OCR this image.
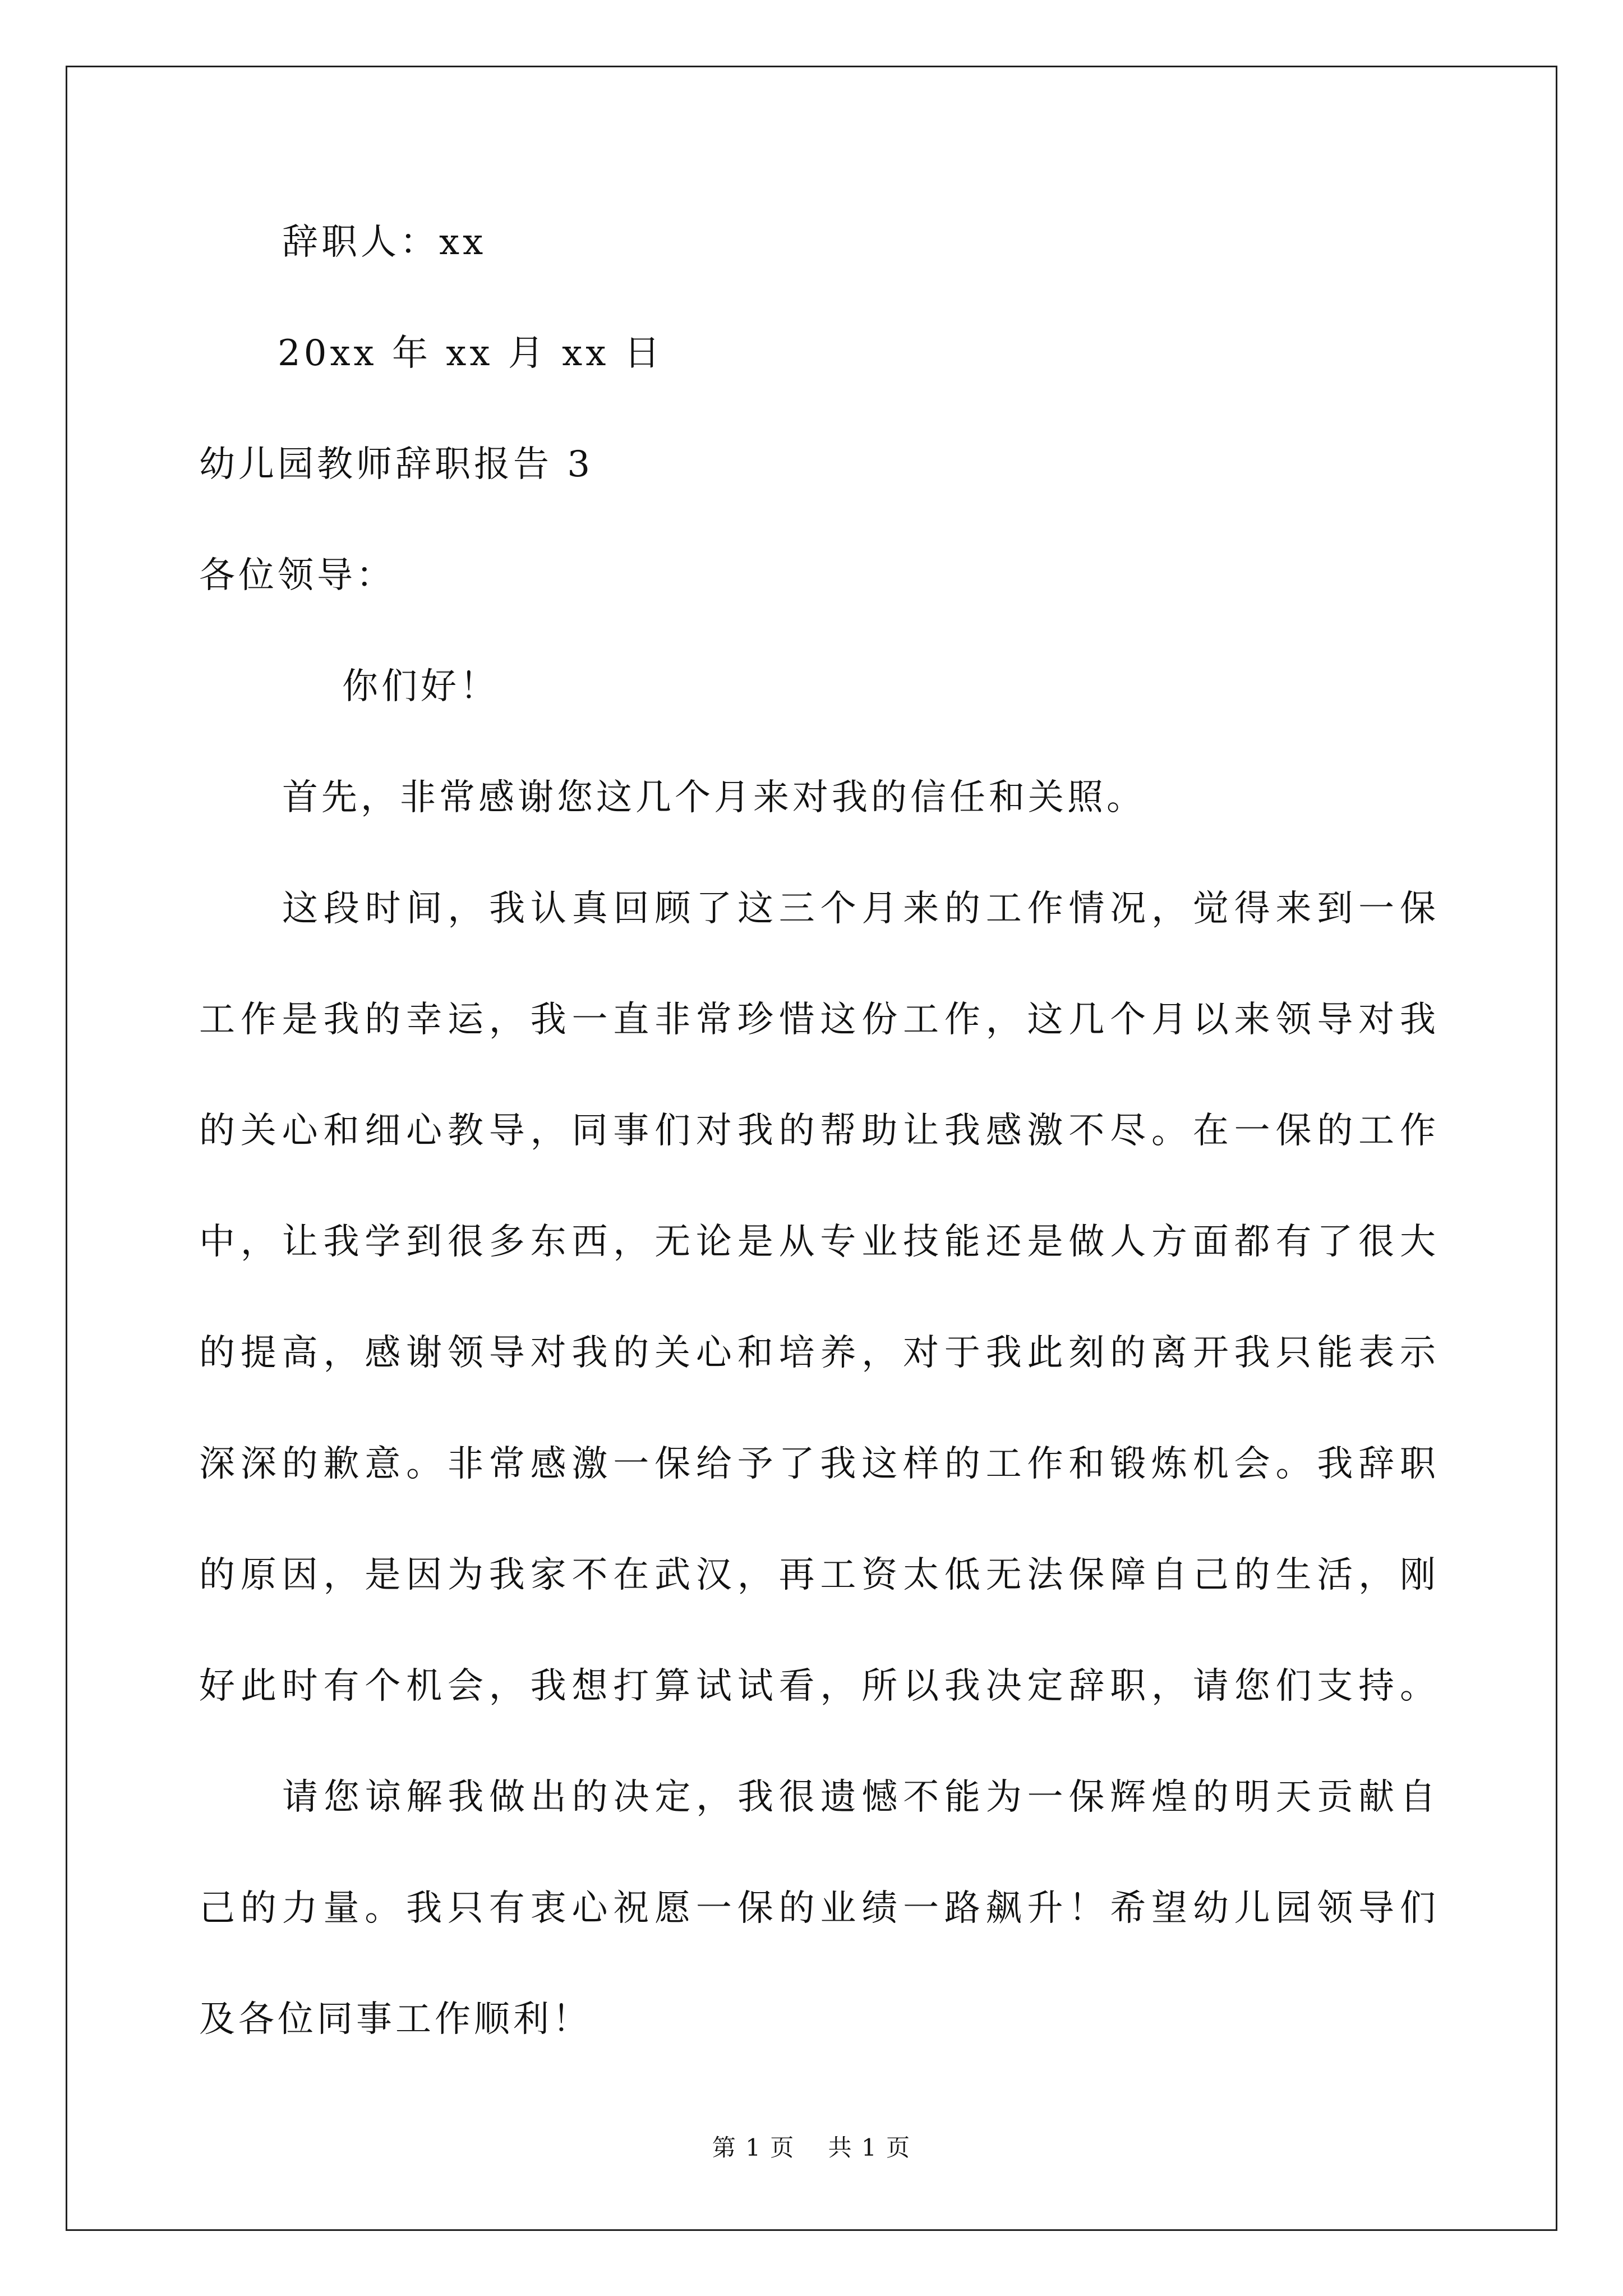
辞职人：xx
20xx 年 xx 月 xx 日
幼儿园教师辞职报告 3
各位领导：
你们好！
首先，非常感谢您这几个月来对我的信任和关照。
这段时间，我认真回顾了这三个月来的工作情况，觉得来到一保
工作是我的幸运，我一直非常珍惜这份工作，这几个月以来领导对我
的关心和细心教导，同事们对我的帮助让我感激不尽。在一保的工作
中，让我学到很多东西，无论是从专业技能还是做人方面都有了很大
的提高，感谢领导对我的关心和培养，对于我此刻的离开我只能表示
深深的歉意。非常感激一保给予了我这样的工作和锻炼机会。我辞职
的原因，是因为我家不在武汉，再工资太低无法保障自己的生活，刚
好此时有个机会，我想打算试试看，所以我决定辞职，请您们支持。
请您谅解我做出的决定，我很遗憾不能为一保辉煌的明天贡献自
己的力量。我只有衷心祝愿一保的业绩一路飙升！希望幼儿园领导们
及各位同事工作顺利！
第 1 页 共 1 页
